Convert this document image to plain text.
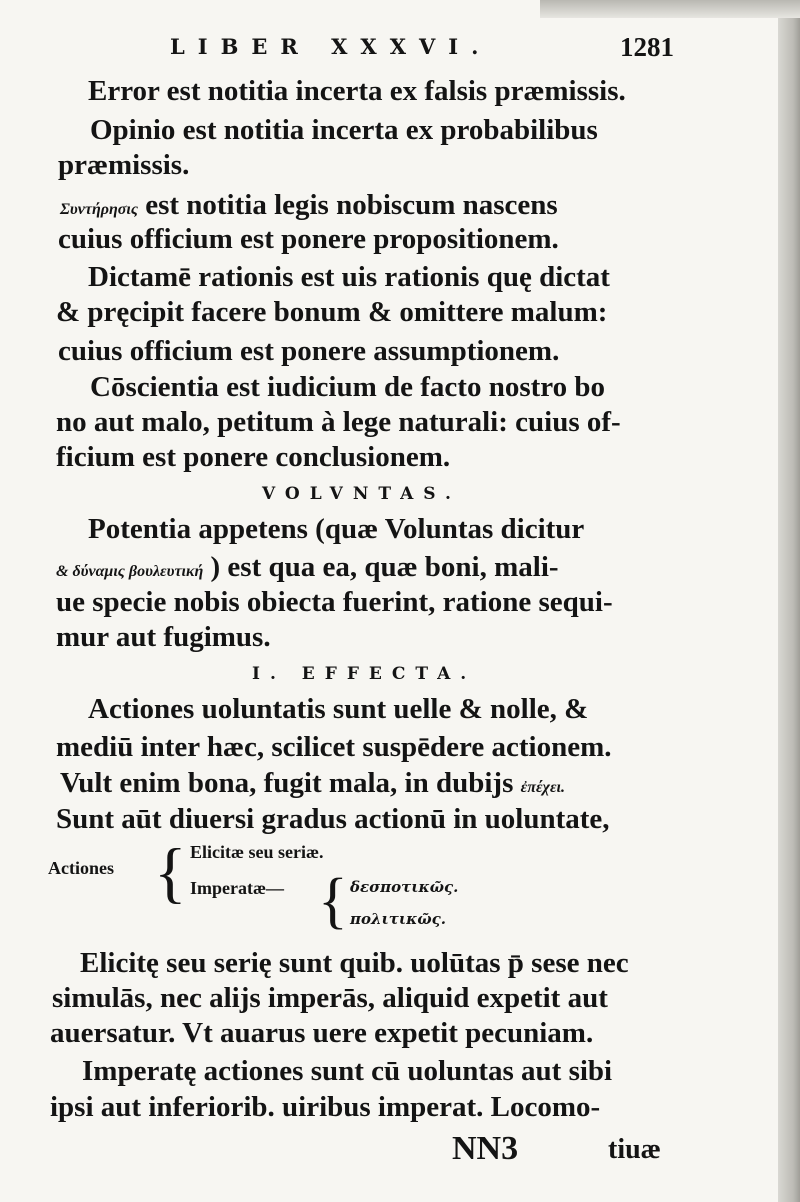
LIBER XXXVI.	1281
Error est notitia incerta ex falsis præmissis.
Opinio est notitia incerta ex probabilibus
præmissis.
Συντήρησις est notitia legis nobiscum nascens
cuius officium est ponere propositionem.
Dictamē rationis est uis rationis quę dictat
& pręcipit facere bonum & omittere malum:
cuius officium est ponere assumptionem.
Cōscientia est iudicium de facto nostro bo
no aut malo, petitum à lege naturali: cuius of-
ficium est ponere conclusionem.
VOLVNTAS.
Potentia appetens (quæ Voluntas dicitur
& δύναμις βουλευτική ) est qua ea, quæ boni, mali-
ue specie nobis obiecta fuerint, ratione sequi-
mur aut fugimus.
I. EFFECTA.
Actiones uoluntatis sunt uelle & nolle, &
mediū inter hæc, scilicet suspēdere actionem.
Vult enim bona, fugit mala, in dubijs ἐπέχει.
Sunt aūt diuersi gradus actionū in uoluntate,
Actiones { Elicitæ seu seriæ.
Imperatæ— { δεσποτικῶς.
πολιτικῶς.
Elicitę seu serię sunt quib. uolūtas p̄ sese nec
simulās, nec alijs imperās, aliquid expetit aut
auersatur. Vt auarus uere expetit pecuniam.
Imperatę actiones sunt cū uoluntas aut sibi
ipsi aut inferiorib. uiribus imperat. Locomo-
NN3	tiuæ
